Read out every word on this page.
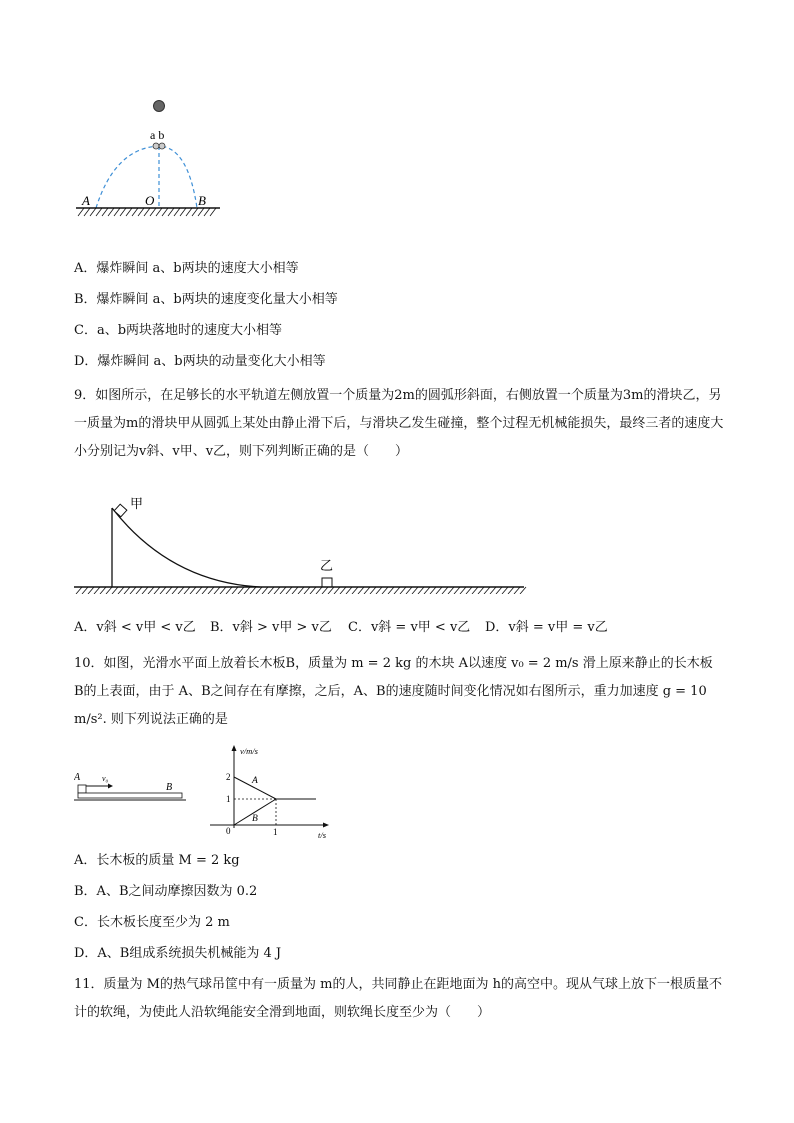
a b
A	O	B
A．爆炸瞬间 a、b两块的速度大小相等
B．爆炸瞬间 a、b两块的速度变化量大小相等
C．a、b两块落地时的速度大小相等
D．爆炸瞬间 a、b两块的动量变化大小相等
9．如图所示，在足够长的水平轨道左侧放置一个质量为2m的圆弧形斜面，右侧放置一个质量为3m的滑块乙，另一质量为m的滑块甲从圆弧上某处由静止滑下后，与滑块乙发生碰撞，整个过程无机械能损失，最终三者的速度大小分别记为v斜、v甲、v乙，则下列判断正确的是（　　）
甲
乙
A．v斜 < v甲 < v乙 B．v斜 > v甲 > v乙 C．v斜 = v甲 < v乙 D．v斜 = v甲 = v乙
10．如图，光滑水平面上放着长木板B，质量为 m = 2 kg 的木块 A以速度 v₀ = 2 m/s 滑上原来静止的长木板 B的上表面，由于 A、B之间存在有摩擦，之后，A、B的速度随时间变化情况如右图所示，重力加速度 g = 10 m/s². 则下列说法正确的是
A	v₀
B
v/m/s
t/s
2
1
1
0
A
B
A．长木板的质量 M = 2 kg
B．A、B之间动摩擦因数为 0.2
C．长木板长度至少为 2 m
D．A、B组成系统损失机械能为 4 J
11．质量为 M的热气球吊筐中有一质量为 m的人，共同静止在距地面为 h的高空中。现从气球上放下一根质量不计的软绳，为使此人沿软绳能安全滑到地面，则软绳长度至少为（　　）
